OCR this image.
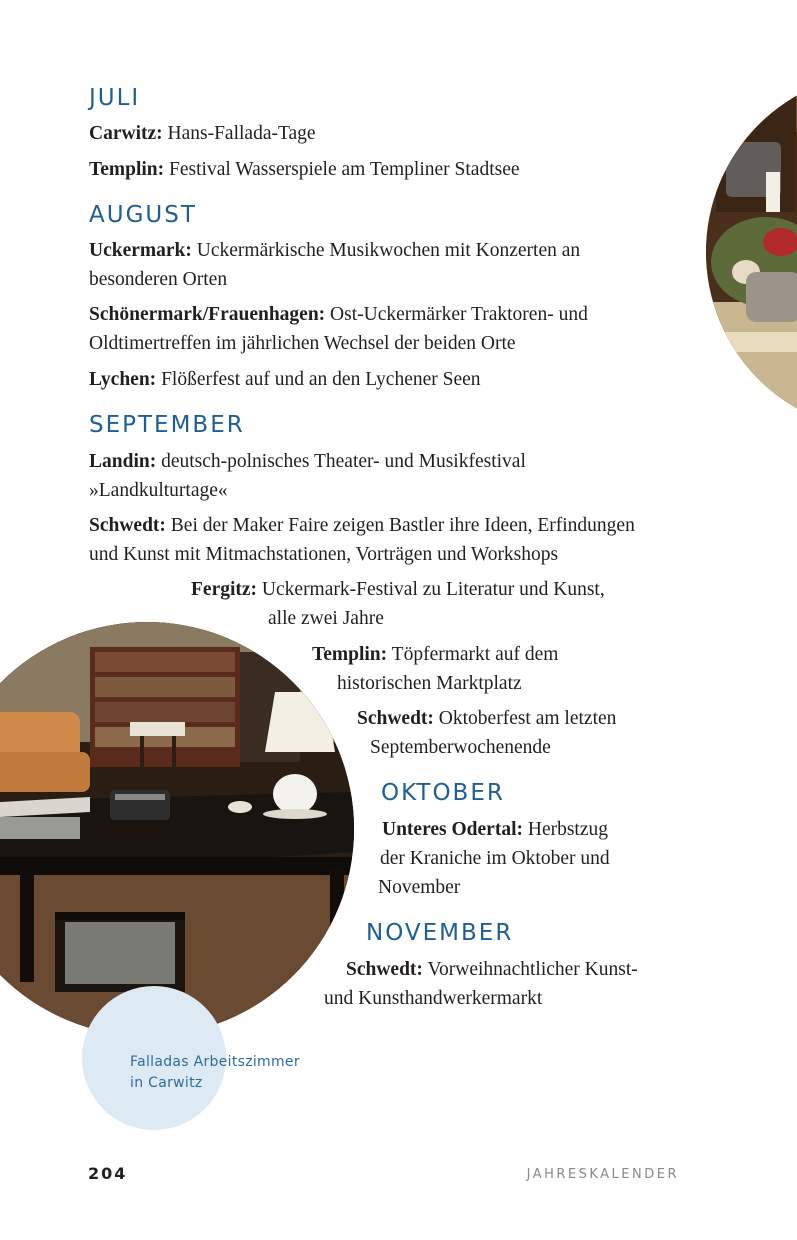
JULI

Carwitz: Hans-Fallada-Tage

Templin: Festival Wasserspiele am Templiner Stadtsee

AUGUST

Uckermark: Uckermärkische Musikwochen mit Konzerten an
besonderen Orten

Schönermark/Frauenhagen: Ost-Uckermärker Traktoren- und
Oldtimertreffen im jährlichen Wechsel der beiden Orte

Lychen: Flößerfest auf und an den Lychener Seen

SEPTEMBER

Landin: deutsch-polnisches Theater- und Musikfestival
»Landkulturtage«

Schwedt: Bei der Maker Faire zeigen Bastler ihre Ideen, Erfindungen
und Kunst mit Mitmachstationen, Vorträgen und Workshops

Fergitz: Uckermark-Festival zu Literatur und Kunst,
alle zwei Jahre

Templin: Töpfermarkt auf dem
historischen Marktplatz

Schwedt: Oktoberfest am letzten
Septemberwochenende

OKTOBER

Unteres Odertal: Herbstzug
der Kraniche im Oktober und
November

NOVEMBER

Schwedt: Vorweihnachtlicher Kunst-
und Kunsthandwerkermarkt

Falladas Arbeitszimmer
in Carwitz

204	JAHRESKALENDER
